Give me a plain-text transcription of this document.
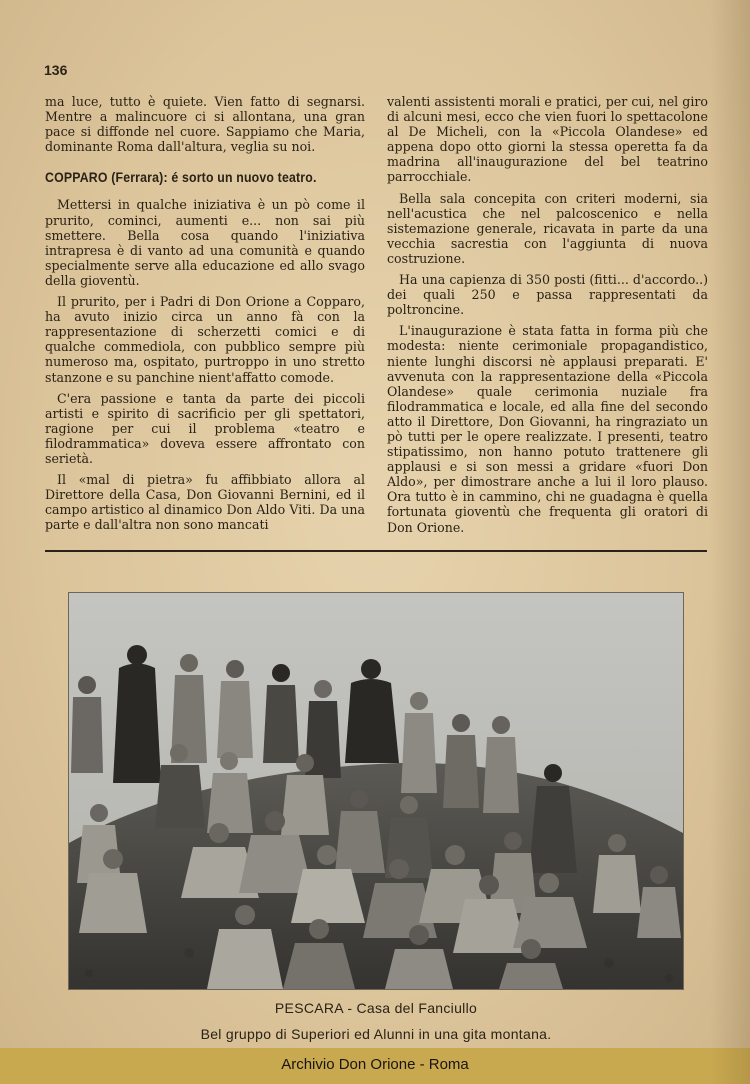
136

ma luce, tutto è quiete. Vien fatto di segnarsi. Mentre a malincuore ci si allontana, una gran pace si diffonde nel cuore. Sappiamo che Maria, dominante Roma dall'altura, veglia su noi.

COPPARO (Ferrara): é sorto un nuovo teatro.

Mettersi in qualche iniziativa è un pò come il prurito, cominci, aumenti e... non sai più smettere. Bella cosa quando l'iniziativa intrapresa è di vanto ad una comunità e quando specialmente serve alla educazione ed allo svago della gioventù.

Il prurito, per i Padri di Don Orione a Copparo, ha avuto inizio circa un anno fà con la rappresentazione di scherzetti comici e di qualche commediola, con pubblico sempre più numeroso ma, ospitato, purtroppo in uno stretto stanzone e su panchine nient'affatto comode.

C'era passione e tanta da parte dei piccoli artisti e spirito di sacrificio per gli spettatori, ragione per cui il problema «teatro e filodrammatica» doveva essere affrontato con serietà.

Il «mal di pietra» fu affibbiato allora al Direttore della Casa, Don Giovanni Bernini, ed il campo artistico al dinamico Don Aldo Viti. Da una parte e dall'altra non sono mancati

valenti assistenti morali e pratici, per cui, nel giro di alcuni mesi, ecco che vien fuori lo spettacolone al De Micheli, con la «Piccola Olandese» ed appena dopo otto giorni la stessa operetta fa da madrina all'inaugurazione del bel teatrino parrocchiale.

Bella sala concepita con criteri moderni, sia nell'acustica che nel palcoscenico e nella sistemazione generale, ricavata in parte da una vecchia sacrestia con l'aggiunta di nuova costruzione.

Ha una capienza di 350 posti (fitti... d'accordo..) dei quali 250 e passa rappresentati da poltroncine.

L'inaugurazione è stata fatta in forma più che modesta: niente cerimoniale propagandistico, niente lunghi discorsi nè applausi preparati. E' avvenuta con la rappresentazione della «Piccola Olandese» quale cerimonia nuziale fra filodrammatica e locale, ed alla fine del secondo atto il Direttore, Don Giovanni, ha ringraziato un pò tutti per le opere realizzate. I presenti, teatro stipatissimo, non hanno potuto trattenere gli applausi e si son messi a gridare «fuori Don Aldo», per dimostrare anche a lui il loro plauso. Ora tutto è in cammino, chi ne guadagna è quella fortunata gioventù che frequenta gli oratori di Don Orione.

PESCARA - Casa del Fanciullo
Bel gruppo di Superiori ed Alunni in una gita montana.
Archivio Don Orione - Roma
